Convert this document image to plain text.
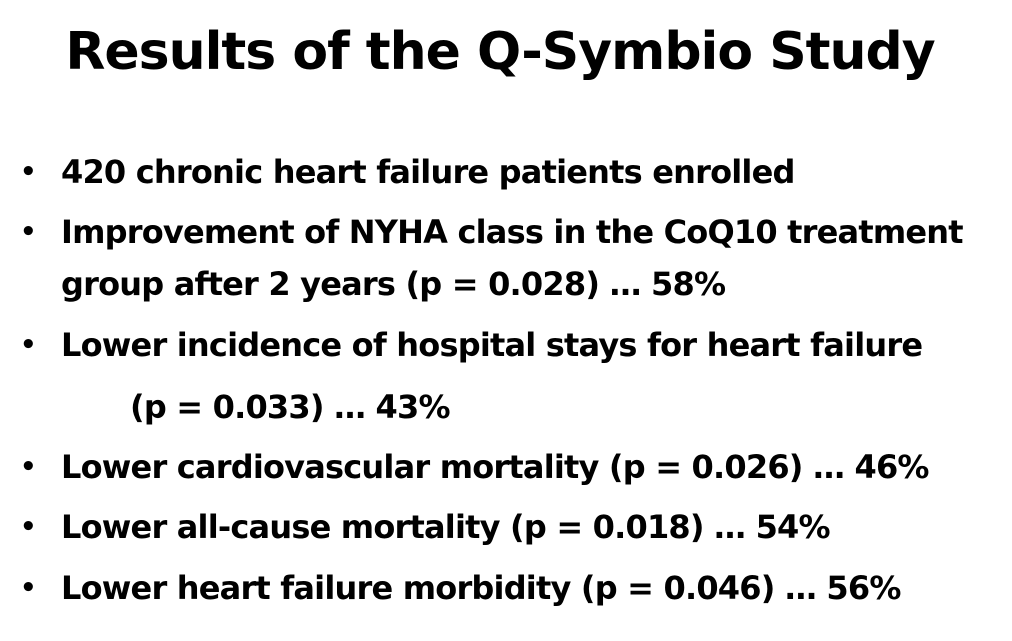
Results of the Q-Symbio Study
• 420 chronic heart failure patients enrolled
• Improvement of NYHA class in the CoQ10 treatment
group after 2 years (p = 0.028) … 58%
• Lower incidence of hospital stays for heart failure
(p = 0.033) … 43%
• Lower cardiovascular mortality (p = 0.026) … 46%
• Lower all-cause mortality (p = 0.018) … 54%
• Lower heart failure morbidity (p = 0.046) … 56%
